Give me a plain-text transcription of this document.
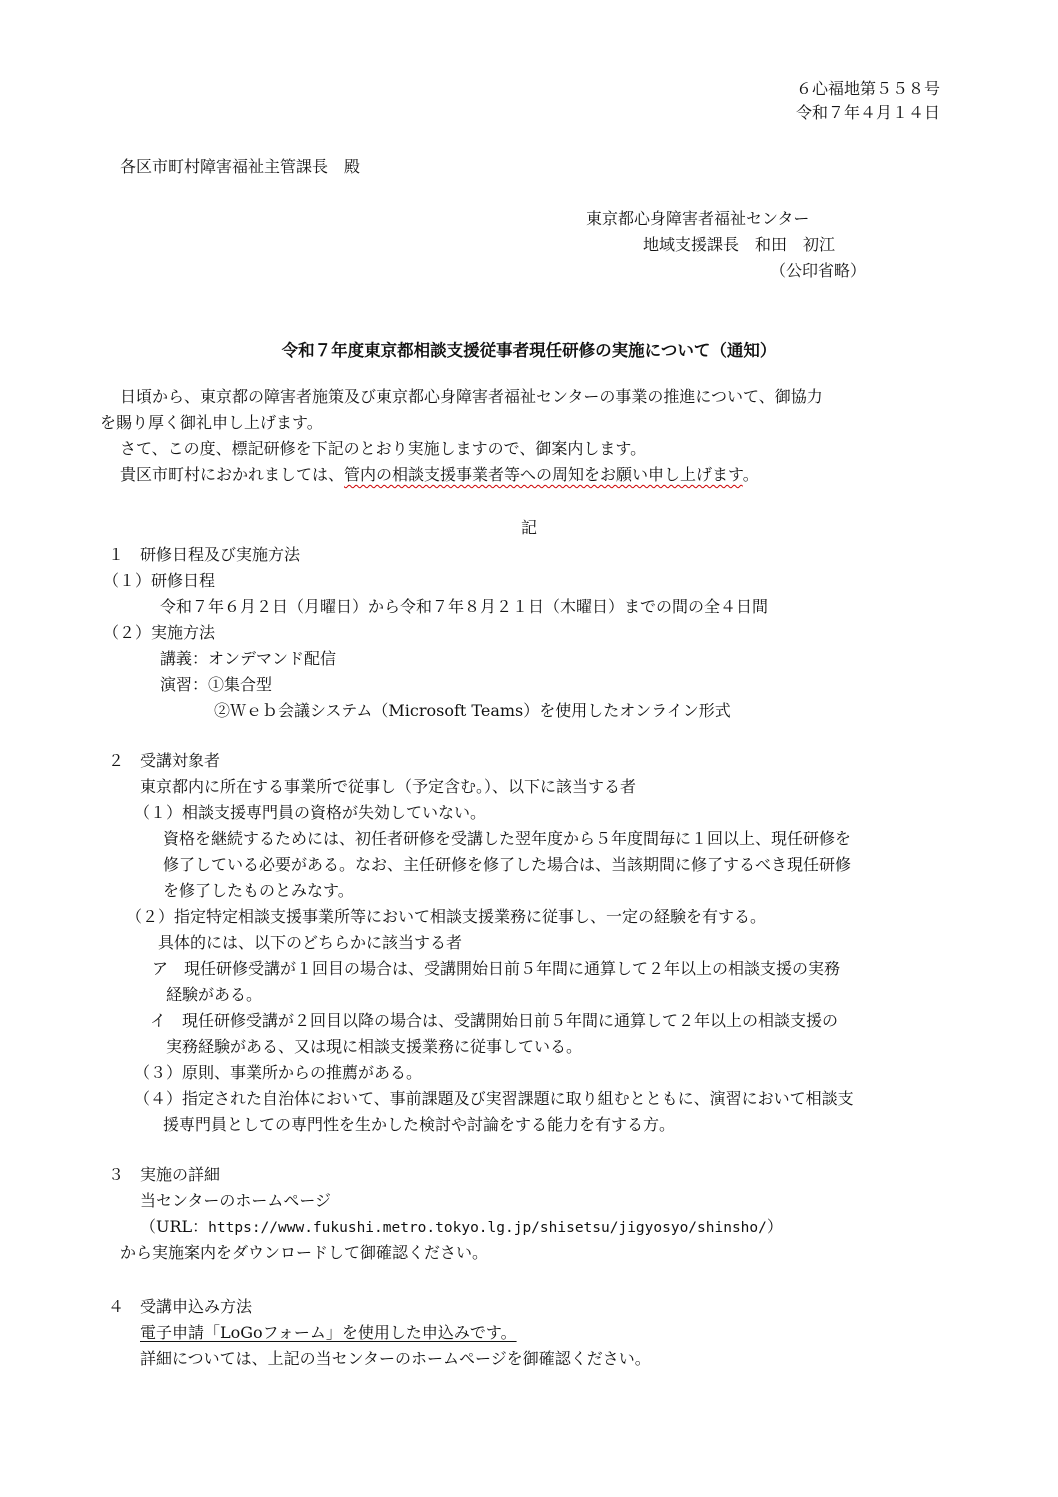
６心福地第５５８号
令和７年４月１４日
各区市町村障害福祉主管課長　殿
東京都心身障害者福祉センター
地域支援課長　和田　初江
（公印省略）
令和７年度東京都相談支援従事者現任研修の実施について（通知）
日頃から、東京都の障害者施策及び東京都心身障害者福祉センターの事業の推進について、御協力
を賜り厚く御礼申し上げます。
さて、この度、標記研修を下記のとおり実施しますので、御案内します。
貴区市町村におかれましては、管内の相談支援事業者等への周知をお願い申し上げます。
記
１　研修日程及び実施方法
（１）研修日程
令和７年６月２日（月曜日）から令和７年８月２１日（木曜日）までの間の全４日間
（２）実施方法
講義：オンデマンド配信
演習：①集合型
②Ｗｅｂ会議システム（Microsoft Teams）を使用したオンライン形式
２　受講対象者
東京都内に所在する事業所で従事し（予定含む。）、以下に該当する者
（１）相談支援専門員の資格が失効していない。
資格を継続するためには、初任者研修を受講した翌年度から５年度間毎に１回以上、現任研修を
修了している必要がある。なお、主任研修を修了した場合は、当該期間に修了するべき現任研修
を修了したものとみなす。
（２）指定特定相談支援事業所等において相談支援業務に従事し、一定の経験を有する。
具体的には、以下のどちらかに該当する者
ア　現任研修受講が１回目の場合は、受講開始日前５年間に通算して２年以上の相談支援の実務
経験がある。
イ　現任研修受講が２回目以降の場合は、受講開始日前５年間に通算して２年以上の相談支援の
実務経験がある、又は現に相談支援業務に従事している。
（３）原則、事業所からの推薦がある。
（４）指定された自治体において、事前課題及び実習課題に取り組むとともに、演習において相談支
援専門員としての専門性を生かした検討や討論をする能力を有する方。
３　実施の詳細
当センターのホームページ
（URL：https://www.fukushi.metro.tokyo.lg.jp/shisetsu/jigyosyo/shinsho/）
から実施案内をダウンロードして御確認ください。
４　受講申込み方法
電子申請「LoGoフォーム」を使用した申込みです。
詳細については、上記の当センターのホームページを御確認ください。
